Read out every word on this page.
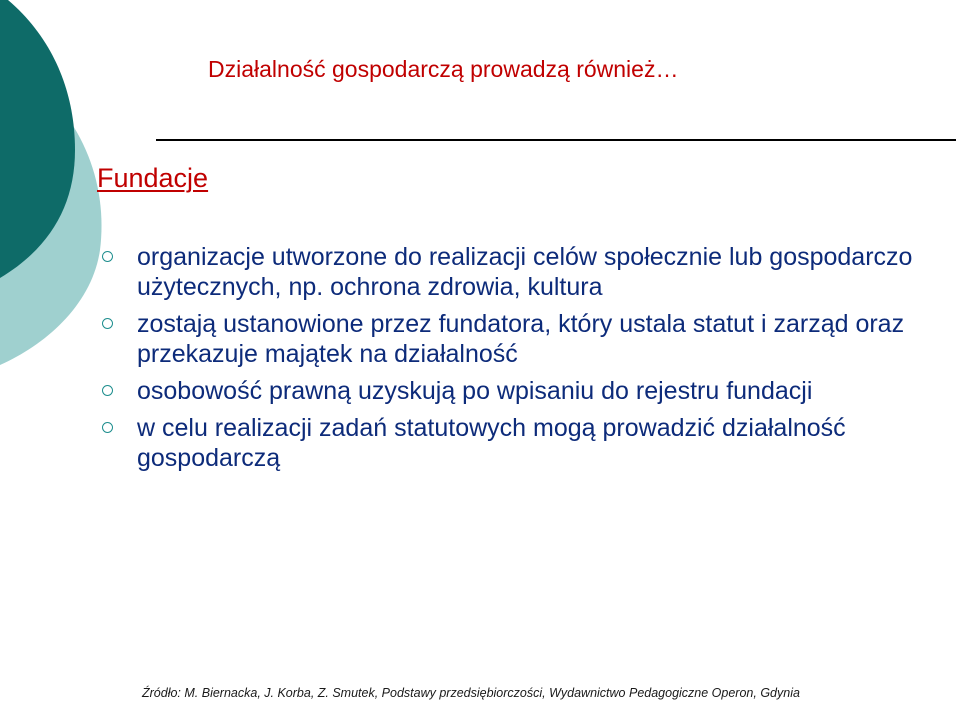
Działalność gospodarczą prowadzą również…
Fundacje
organizacje utworzone do realizacji celów społecznie lub gospodarczo użytecznych, np. ochrona zdrowia, kultura
zostają ustanowione przez fundatora, który ustala statut i zarząd oraz przekazuje majątek na działalność
osobowość prawną uzyskują po wpisaniu do rejestru fundacji
w celu realizacji zadań statutowych mogą prowadzić działalność gospodarczą
Źródło: M. Biernacka, J. Korba, Z. Smutek, Podstawy przedsiębiorczości, Wydawnictwo Pedagogiczne Operon, Gdynia
